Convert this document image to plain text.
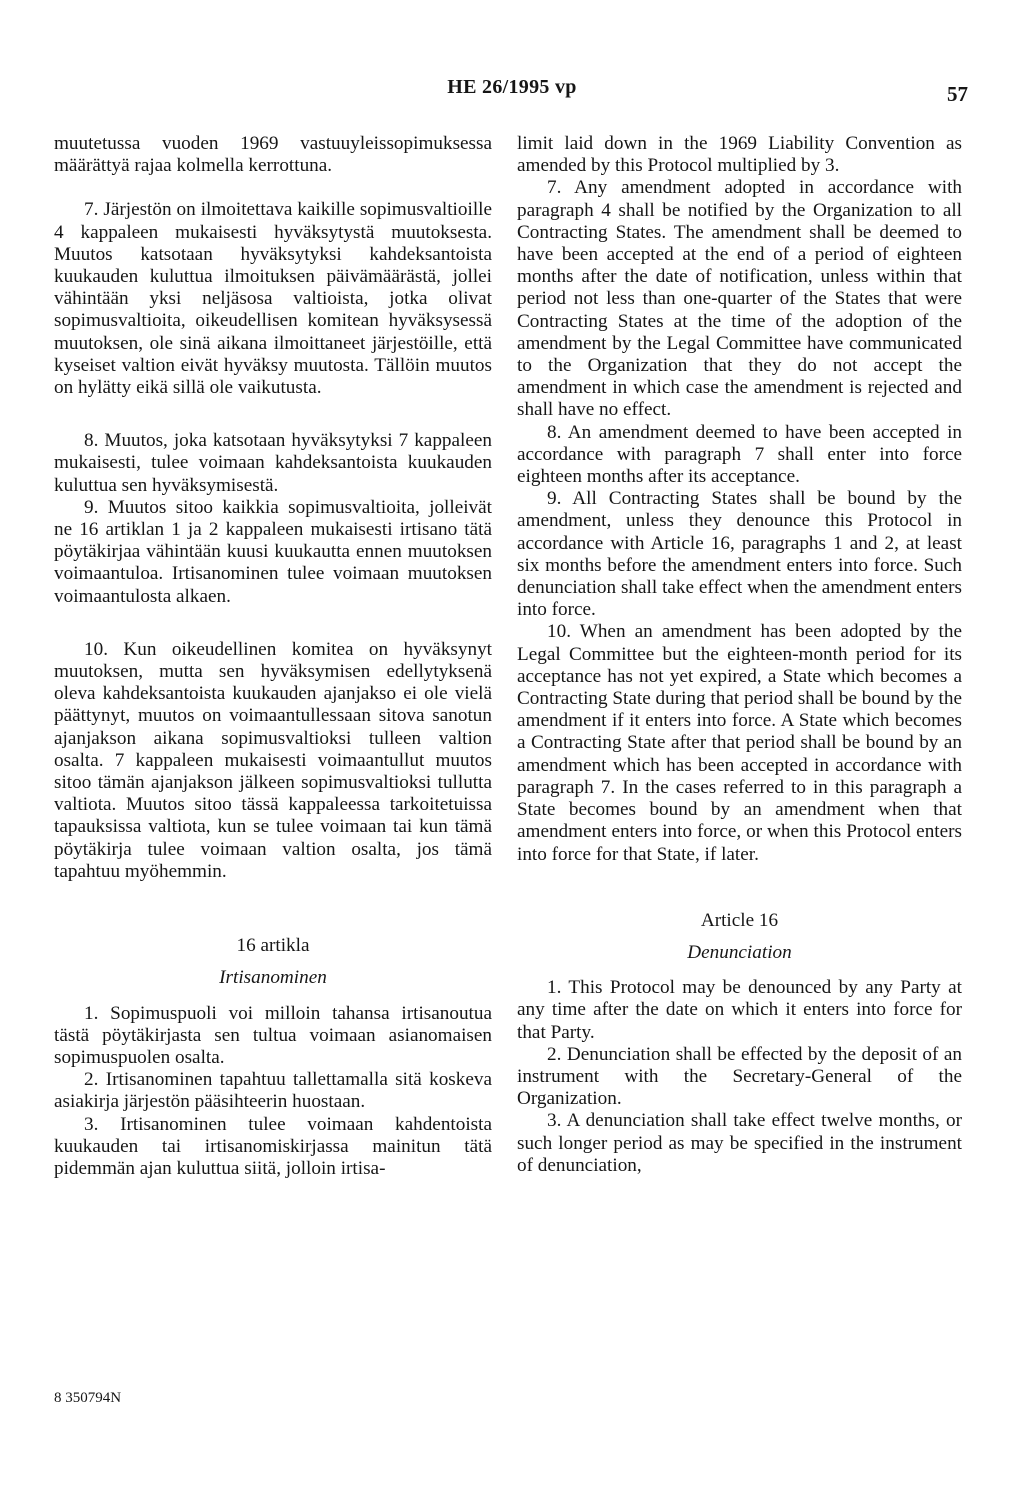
HE 26/1995 vp	57

muutetussa vuoden 1969 vastuuyleissopimuksessa määrättyä rajaa kolmella kerrottuna.

7. Järjestön on ilmoitettava kaikille sopimusvaltioille 4 kappaleen mukaisesti hyväksytystä muutoksesta. Muutos katsotaan hyväksytyksi kahdeksantoista kuukauden kuluttua ilmoituksen päivämäärästä, jollei vähintään yksi neljäsosa valtioista, jotka olivat sopimusvaltioita, oikeudellisen komitean hyväksysessä muutoksen, ole sinä aikana ilmoittaneet järjestöille, että kyseiset valtion eivät hyväksy muutosta. Tällöin muutos on hylätty eikä sillä ole vaikutusta.

8. Muutos, joka katsotaan hyväksytyksi 7 kappaleen mukaisesti, tulee voimaan kahdeksantoista kuukauden kuluttua sen hyväksymisestä.

9. Muutos sitoo kaikkia sopimusvaltioita, jolleivät ne 16 artiklan 1 ja 2 kappaleen mukaisesti irtisano tätä pöytäkirjaa vähintään kuusi kuukautta ennen muutoksen voimaantuloa. Irtisanominen tulee voimaan muutoksen voimaantulosta alkaen.

10. Kun oikeudellinen komitea on hyväksynyt muutoksen, mutta sen hyväksymisen edellytyksenä oleva kahdeksantoista kuukauden ajanjakso ei ole vielä päättynyt, muutos on voimaantullessaan sitova sanotun ajanjakson aikana sopimusvaltioksi tulleen valtion osalta. 7 kappaleen mukaisesti voimaantullut muutos sitoo tämän ajanjakson jälkeen sopimusvaltioksi tullutta valtiota. Muutos sitoo tässä kappaleessa tarkoitetuissa tapauksissa valtiota, kun se tulee voimaan tai kun tämä pöytäkirja tulee voimaan valtion osalta, jos tämä tapahtuu myöhemmin.

16 artikla

Irtisanominen

1. Sopimuspuoli voi milloin tahansa irtisanoutua tästä pöytäkirjasta sen tultua voimaan asianomaisen sopimuspuolen osalta.

2. Irtisanominen tapahtuu tallettamalla sitä koskeva asiakirja järjestön pääsihteerin huostaan.

3. Irtisanominen tulee voimaan kahdentoista kuukauden tai irtisanomiskirjassa mainitun tätä pidemmän ajan kuluttua siitä, jolloin irtisa-

limit laid down in the 1969 Liability Convention as amended by this Protocol multiplied by 3.

7. Any amendment adopted in accordance with paragraph 4 shall be notified by the Organization to all Contracting States. The amendment shall be deemed to have been accepted at the end of a period of eighteen months after the date of notification, unless within that period not less than one-quarter of the States that were Contracting States at the time of the adoption of the amendment by the Legal Committee have communicated to the Organization that they do not accept the amendment in which case the amendment is rejected and shall have no effect.

8. An amendment deemed to have been accepted in accordance with paragraph 7 shall enter into force eighteen months after its acceptance.

9. All Contracting States shall be bound by the amendment, unless they denounce this Protocol in accordance with Article 16, paragraphs 1 and 2, at least six months before the amendment enters into force. Such denunciation shall take effect when the amendment enters into force.

10. When an amendment has been adopted by the Legal Committee but the eighteen-month period for its acceptance has not yet expired, a State which becomes a Contracting State during that period shall be bound by the amendment if it enters into force. A State which becomes a Contracting State after that period shall be bound by an amendment which has been accepted in accordance with paragraph 7. In the cases referred to in this paragraph a State becomes bound by an amendment when that amendment enters into force, or when this Protocol enters into force for that State, if later.

Article 16

Denunciation

1. This Protocol may be denounced by any Party at any time after the date on which it enters into force for that Party.

2. Denunciation shall be effected by the deposit of an instrument with the Secretary-General of the Organization.

3. A denunciation shall take effect twelve months, or such longer period as may be specified in the instrument of denunciation,

8 350794N
